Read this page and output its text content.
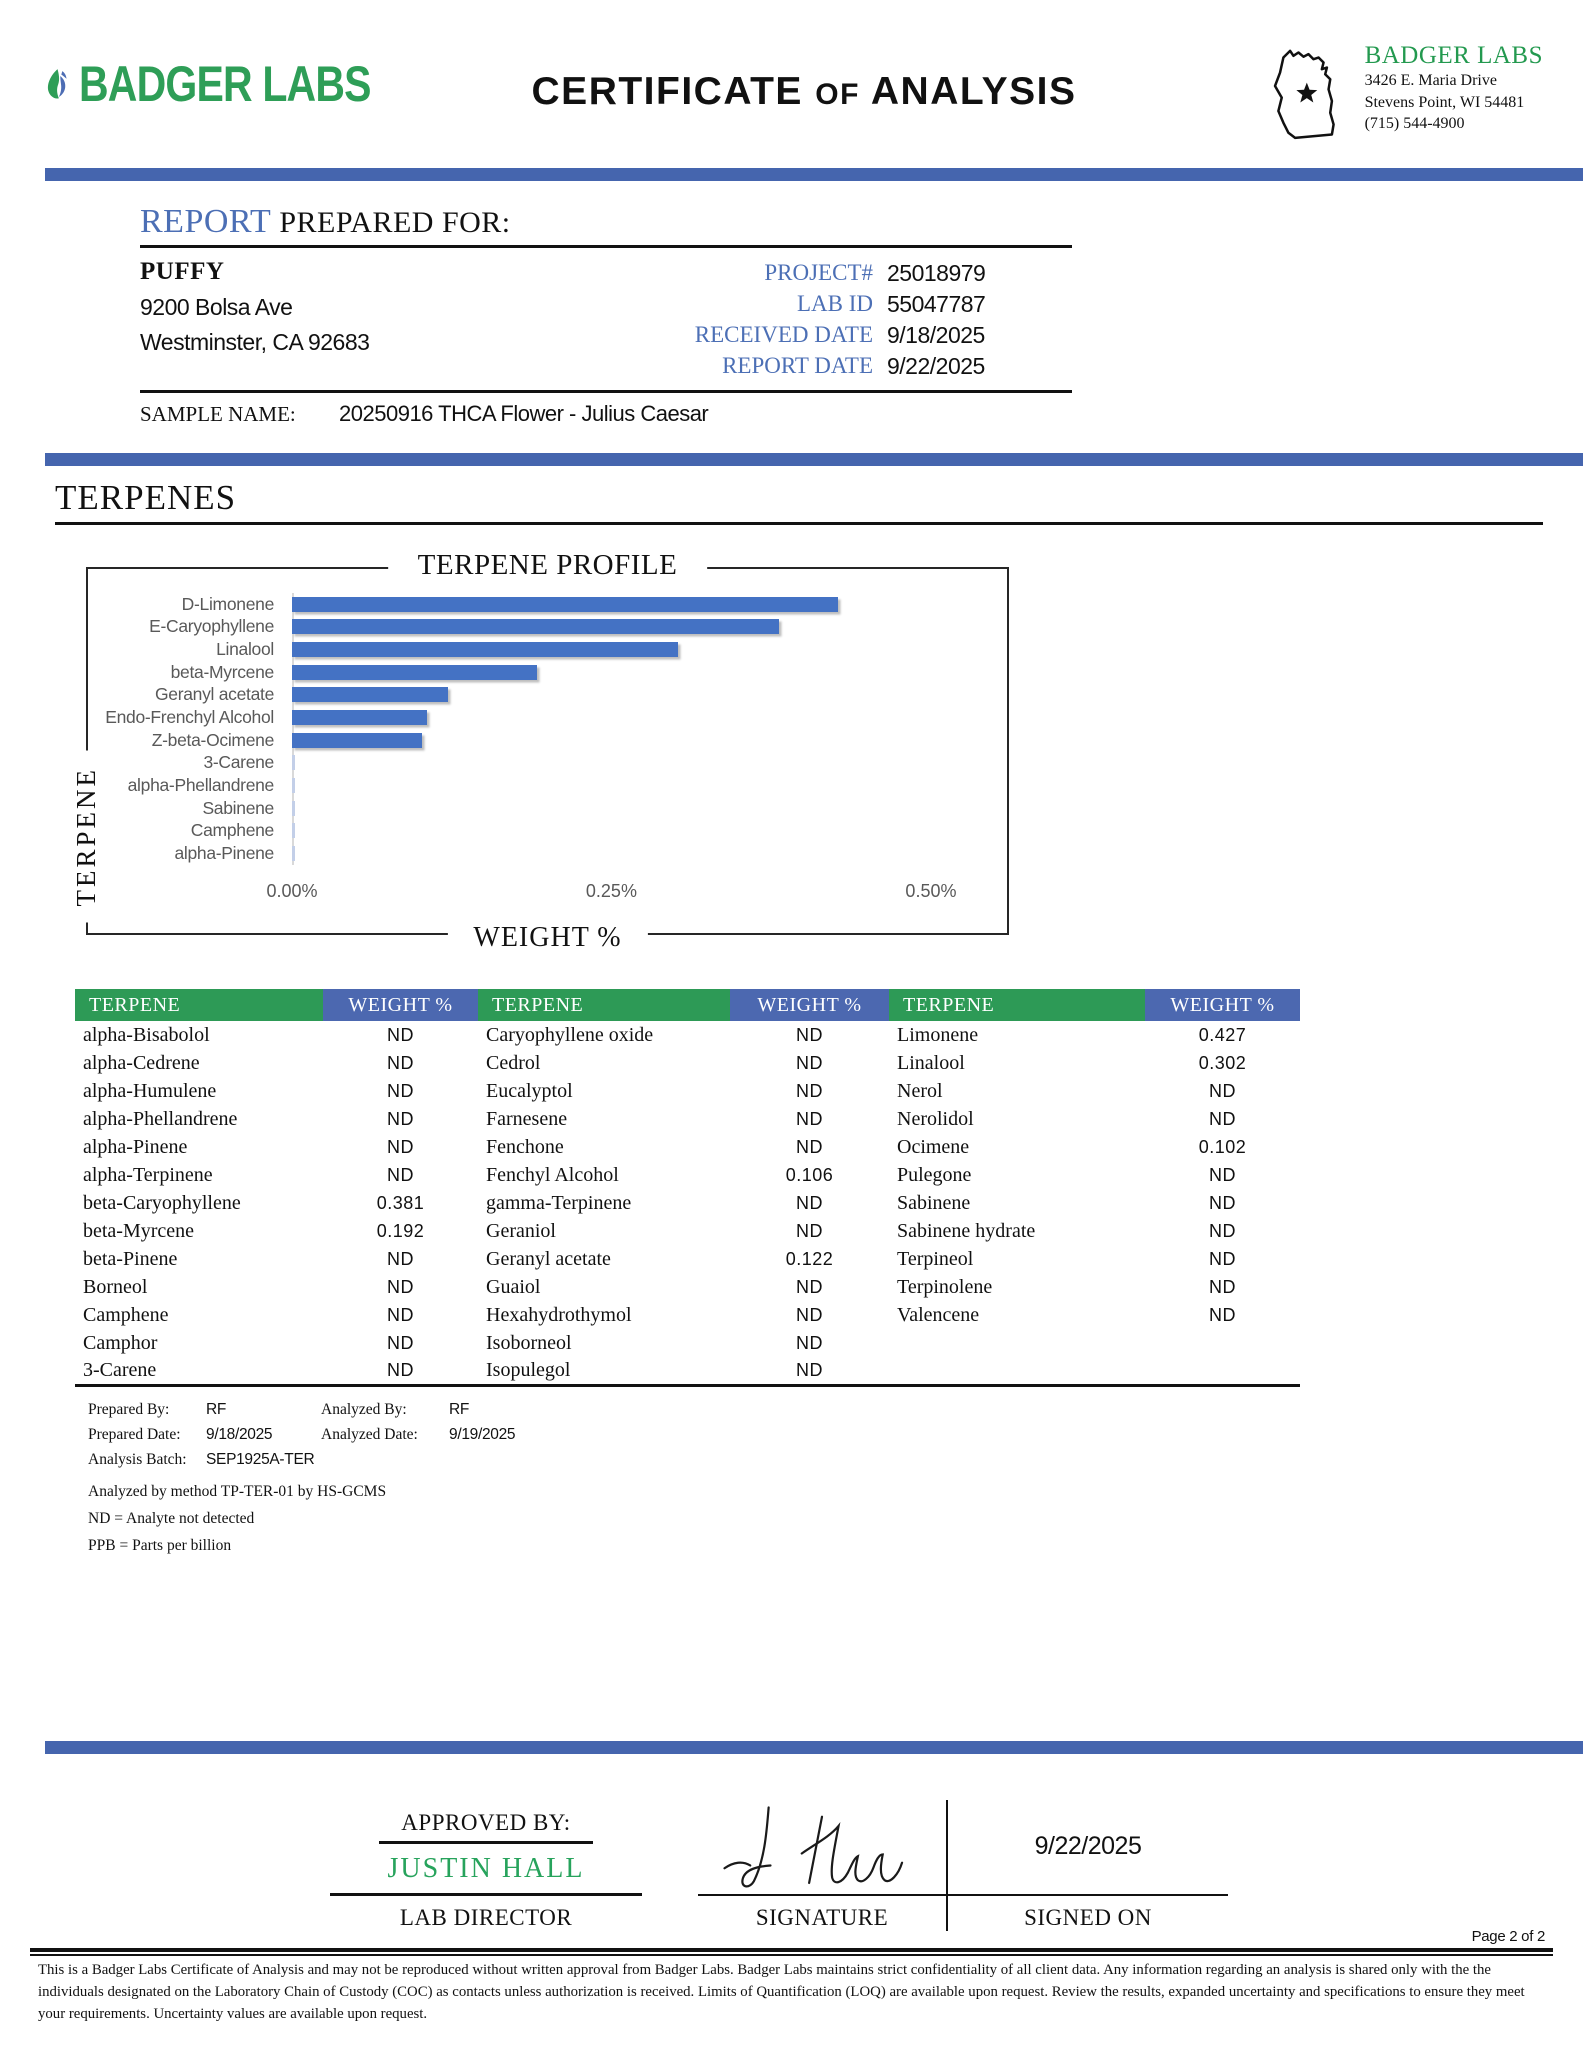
BADGER LABS	CERTIFICATE OF ANALYSIS
BADGER LABS
3426 E. Maria Drive
Stevens Point, WI 54481
(715) 544-4900
REPORT PREPARED FOR:
PUFFY
9200 Bolsa Ave
Westminster, CA 92683
PROJECT# 25018979
LAB ID 55047787
RECEIVED DATE 9/18/2025
REPORT DATE 9/22/2025
SAMPLE NAME: 20250916 THCA Flower - Julius Caesar
TERPENES
TERPENE PROFILE
TERPENE
D-Limonene
E-Caryophyllene
Linalool
beta-Myrcene
Geranyl acetate
Endo-Frenchyl Alcohol
Z-beta-Ocimene
3-Carene
alpha-Phellandrene
Sabinene
Camphene
alpha-Pinene
0.00%	0.25%	0.50%
WEIGHT %
TERPENE	WEIGHT %	TERPENE	WEIGHT %	TERPENE	WEIGHT %
alpha-Bisabolol	ND	Caryophyllene oxide	ND	Limonene	0.427
alpha-Cedrene	ND	Cedrol	ND	Linalool	0.302
alpha-Humulene	ND	Eucalyptol	ND	Nerol	ND
alpha-Phellandrene	ND	Farnesene	ND	Nerolidol	ND
alpha-Pinene	ND	Fenchone	ND	Ocimene	0.102
alpha-Terpinene	ND	Fenchyl Alcohol	0.106	Pulegone	ND
beta-Caryophyllene	0.381	gamma-Terpinene	ND	Sabinene	ND
beta-Myrcene	0.192	Geraniol	ND	Sabinene hydrate	ND
beta-Pinene	ND	Geranyl acetate	0.122	Terpineol	ND
Borneol	ND	Guaiol	ND	Terpinolene	ND
Camphene	ND	Hexahydrothymol	ND	Valencene	ND
Camphor	ND	Isoborneol	ND		
3-Carene	ND	Isopulegol	ND		
Prepared By:	RF	Analyzed By:	RF
Prepared Date:	9/18/2025	Analyzed Date:	9/19/2025
Analysis Batch:	SEP1925A-TER
Analyzed by method TP-TER-01 by HS-GCMS
ND = Analyte not detected
PPB = Parts per billion
APPROVED BY:
JUSTIN HALL
LAB DIRECTOR	SIGNATURE
9/22/2025
SIGNED ON
Page 2 of 2
This is a Badger Labs Certificate of Analysis and may not be reproduced without written approval from Badger Labs. Badger Labs maintains strict confidentiality of all client data. Any information regarding an analysis is shared only with the the individuals designated on the Laboratory Chain of Custody (COC) as contacts unless authorization is received. Limits of Quantification (LOQ) are available upon request. Review the results, expanded uncertainty and specifications to ensure they meet your requirements. Uncertainty values are available upon request.
